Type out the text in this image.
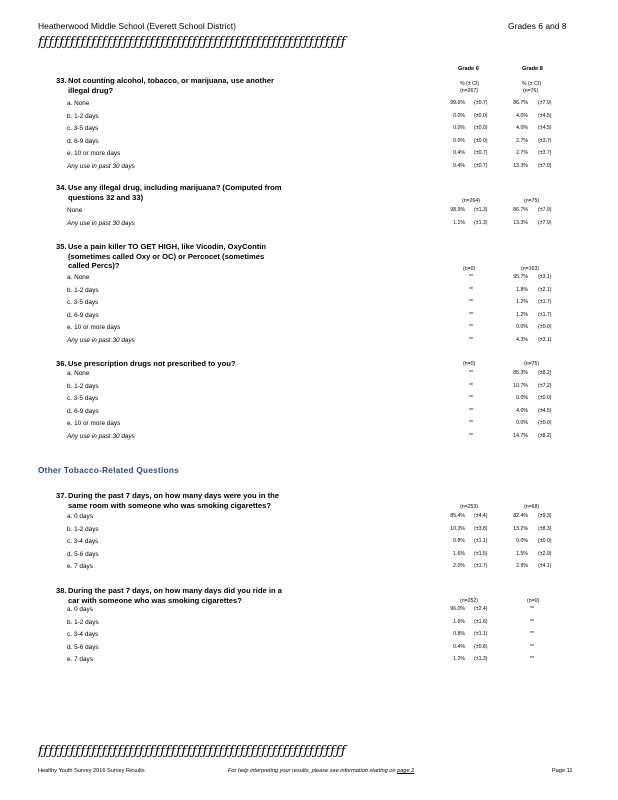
Heatherwood Middle School (Everett School District)	Grades 6 and 8
ƒƒƒƒƒƒƒƒƒƒƒƒƒƒƒƒƒƒƒƒƒƒƒƒƒƒƒƒƒƒƒƒƒƒƒƒƒƒƒƒƒƒƒƒƒƒƒƒƒƒƒƒƒƒƒƒƒƒ
Grade 6	Grade 8
% (± CI)	% (± CI)
(n=267)	(n=76)
33.Not counting alcohol, tobacco, or marijuana, use another
illegal drug?
a. None	99.6% (±0.7)	86.7% (±7.9)
b. 1-2 days	0.0% (±0.0)	4.0% (±4.5)
c. 3-5 days	0.0% (±0.0)	4.0% (±4.5)
d. 6-9 days	0.0% (±0.0)	2.7% (±3.7)
e. 10 or more days	0.4% (±0.7)	2.7% (±3.7)
Any use in past 30 days	0.4% (±0.7)	13.3% (±7.9)
34.Use any illegal drug, including marijuana? (Computed from
questions 32 and 33)	(n=264)	(n=75)
None	98.9% (±1.3)	86.7% (±7.9)
Any use in past 30 days	1.1% (±1.3)	13.3% (±7.9)
35.Use a pain killer TO GET HIGH, like Vicodin, OxyContin
(sometimes called Oxy or OC) or Percocet (sometimes
called Percs)?	(n=0)	(n=163)
a. None	**	95.7% (±3.1)
b. 1-2 days	**	1.8% (±2.1)
c. 3-5 days	**	1.2% (±1.7)
d. 6-9 days	**	1.2% (±1.7)
e. 10 or more days	**	0.0% (±0.0)
Any use in past 30 days	**	4.3% (±3.1)
36.Use prescription drugs not prescribed to you?	(n=0)	(n=75)
a. None	**	85.3% (±8.2)
b. 1-2 days	**	10.7% (±7.2)
c. 3-5 days	**	0.0% (±0.0)
d. 6-9 days	**	4.0% (±4.5)
e. 10 or more days	**	0.0% (±0.0)
Any use in past 30 days	**	14.7% (±8.2)
Other Tobacco-Related Questions
37.During the past 7 days, on how many days were you in the
same room with someone who was smoking cigarettes?	(n=253)	(n=68)
a. 0 days	85.4% (±4.4)	82.4% (±9.3)
b. 1-2 days	10.3% (±3.8)	13.2% (±8.3)
c. 3-4 days	0.8% (±1.1)	0.0% (±0.0)
d. 5-6 days	1.6% (±1.5)	1.5% (±2.9)
e. 7 days	2.0% (±1.7)	2.9% (±4.1)
38.During the past 7 days, on how many days did you ride in a
car with someone who was smoking cigarettes?	(n=252)	(n=0)
a. 0 days	96.0% (±2.4)	**
b. 1-2 days	1.6% (±1.6)	**
c. 3-4 days	0.8% (±1.1)	**
d. 5-6 days	0.4% (±0.8)	**
e. 7 days	1.2% (±1.3)	**
ƒƒƒƒƒƒƒƒƒƒƒƒƒƒƒƒƒƒƒƒƒƒƒƒƒƒƒƒƒƒƒƒƒƒƒƒƒƒƒƒƒƒƒƒƒƒƒƒƒƒƒƒƒƒƒƒƒƒ
Healthy Youth Survey 2016 Survey Results	For help interpreting your results, please see information starting on page 2	Page 11
